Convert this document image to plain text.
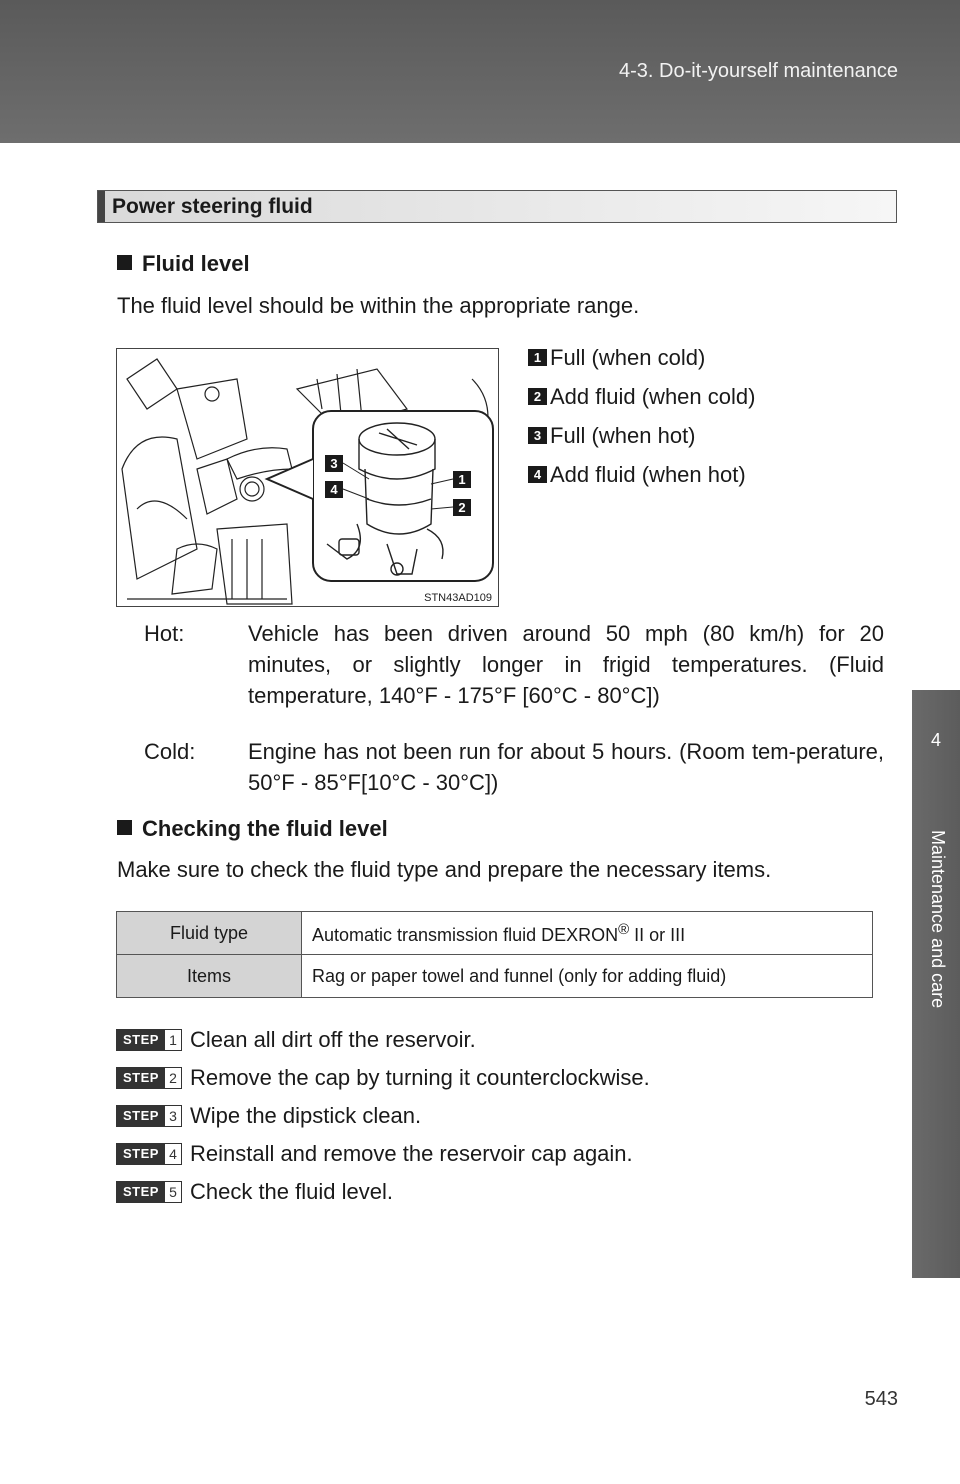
4-3. Do-it-yourself maintenance
4
Maintenance and care
Power steering fluid
Fluid level
The fluid level should be within the appropriate range.
3
4
1
2
STN43AD109
1 Full (when cold)
2 Add fluid (when cold)
3 Full (when hot)
4 Add fluid (when hot)
Hot:	Vehicle has been driven around 50 mph (80 km/h) for 20 minutes, or slightly longer in frigid temperatures. (Fluid temperature, 140°F - 175°F [60°C - 80°C])
Cold: Engine has not been run for about 5 hours. (Room tem-perature, 50°F - 85°F[10°C - 30°C])
Checking the fluid level
Make sure to check the fluid type and prepare the necessary items.
Fluid type	Automatic transmission fluid DEXRON® II or III
Items	Rag or paper towel and funnel (only for adding fluid)
STEP 1 Clean all dirt off the reservoir.
STEP 2 Remove the cap by turning it counterclockwise.
STEP 3 Wipe the dipstick clean.
STEP 4 Reinstall and remove the reservoir cap again.
STEP 5 Check the fluid level.
543
